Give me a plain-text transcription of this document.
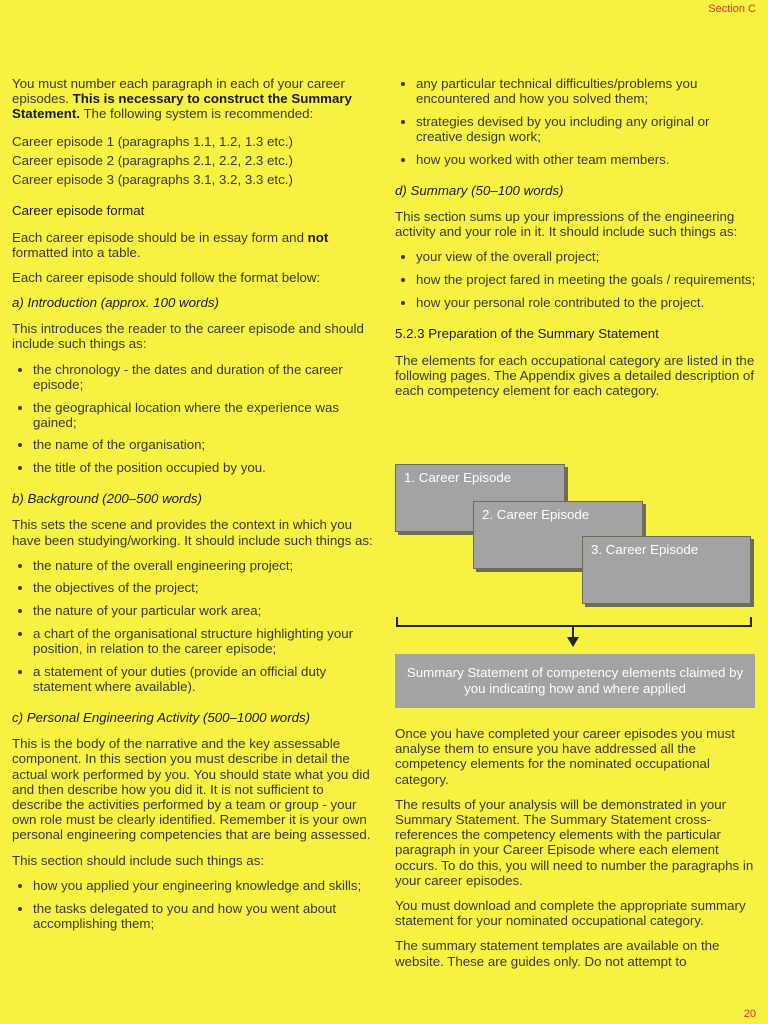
Section C

You must number each paragraph in each of your career episodes. This is necessary to construct the Summary Statement. The following system is recommended:

Career episode 1 (paragraphs 1.1, 1.2, 1.3 etc.)

Career episode 2 (paragraphs 2.1, 2.2, 2.3 etc.)

Career episode 3 (paragraphs 3.1, 3.2, 3.3 etc.)

Career episode format

Each career episode should be in essay form and not formatted into a table.

Each career episode should follow the format below:

a) Introduction (approx. 100 words)

This introduces the reader to the career episode and should include such things as:

• the chronology - the dates and duration of the career episode;
• the geographical location where the experience was gained;
• the name of the organisation;
• the title of the position occupied by you.
b) Background (200–500 words)

This sets the scene and provides the context in which you have been studying/working. It should include such things as:

• the nature of the overall engineering project;
• the objectives of the project;
• the nature of your particular work area;
• a chart of the organisational structure highlighting your position, in relation to the career episode;
• a statement of your duties (provide an official duty statement where available).
c) Personal Engineering Activity (500–1000 words)

This is the body of the narrative and the key assessable component. In this section you must describe in detail the actual work performed by you. You should state what you did and then describe how you did it. It is not sufficient to describe the activities performed by a team or group - your own role must be clearly identified. Remember it is your own personal engineering competencies that are being assessed.

This section should include such things as:

• how you applied your engineering knowledge and skills;
• the tasks delegated to you and how you went about accomplishing them;
• any particular technical difficulties/problems you encountered and how you solved them;
• strategies devised by you including any original or creative design work;
• how you worked with other team members.
d) Summary (50–100 words)

This section sums up your impressions of the engineering activity and your role in it. It should include such things as:

• your view of the overall project;
• how the project fared in meeting the goals / requirements;
• how your personal role contributed to the project.
5.2.3 Preparation of the Summary Statement

The elements for each occupational category are listed in the following pages. The Appendix gives a detailed description of each competency element for each category.

1. Career Episode
2. Career Episode
3. Career Episode
Summary Statement of competency elements claimed by you indicating how and where applied

Once you have completed your career episodes you must analyse them to ensure you have addressed all the competency elements for the nominated occupational category.

The results of your analysis will be demonstrated in your Summary Statement. The Summary Statement cross-references the competency elements with the particular paragraph in your Career Episode where each element occurs. To do this, you will need to number the paragraphs in your career episodes.

You must download and complete the appropriate summary statement for your nominated occupational category.

The summary statement templates are available on the website. These are guides only. Do not attempt to

20
